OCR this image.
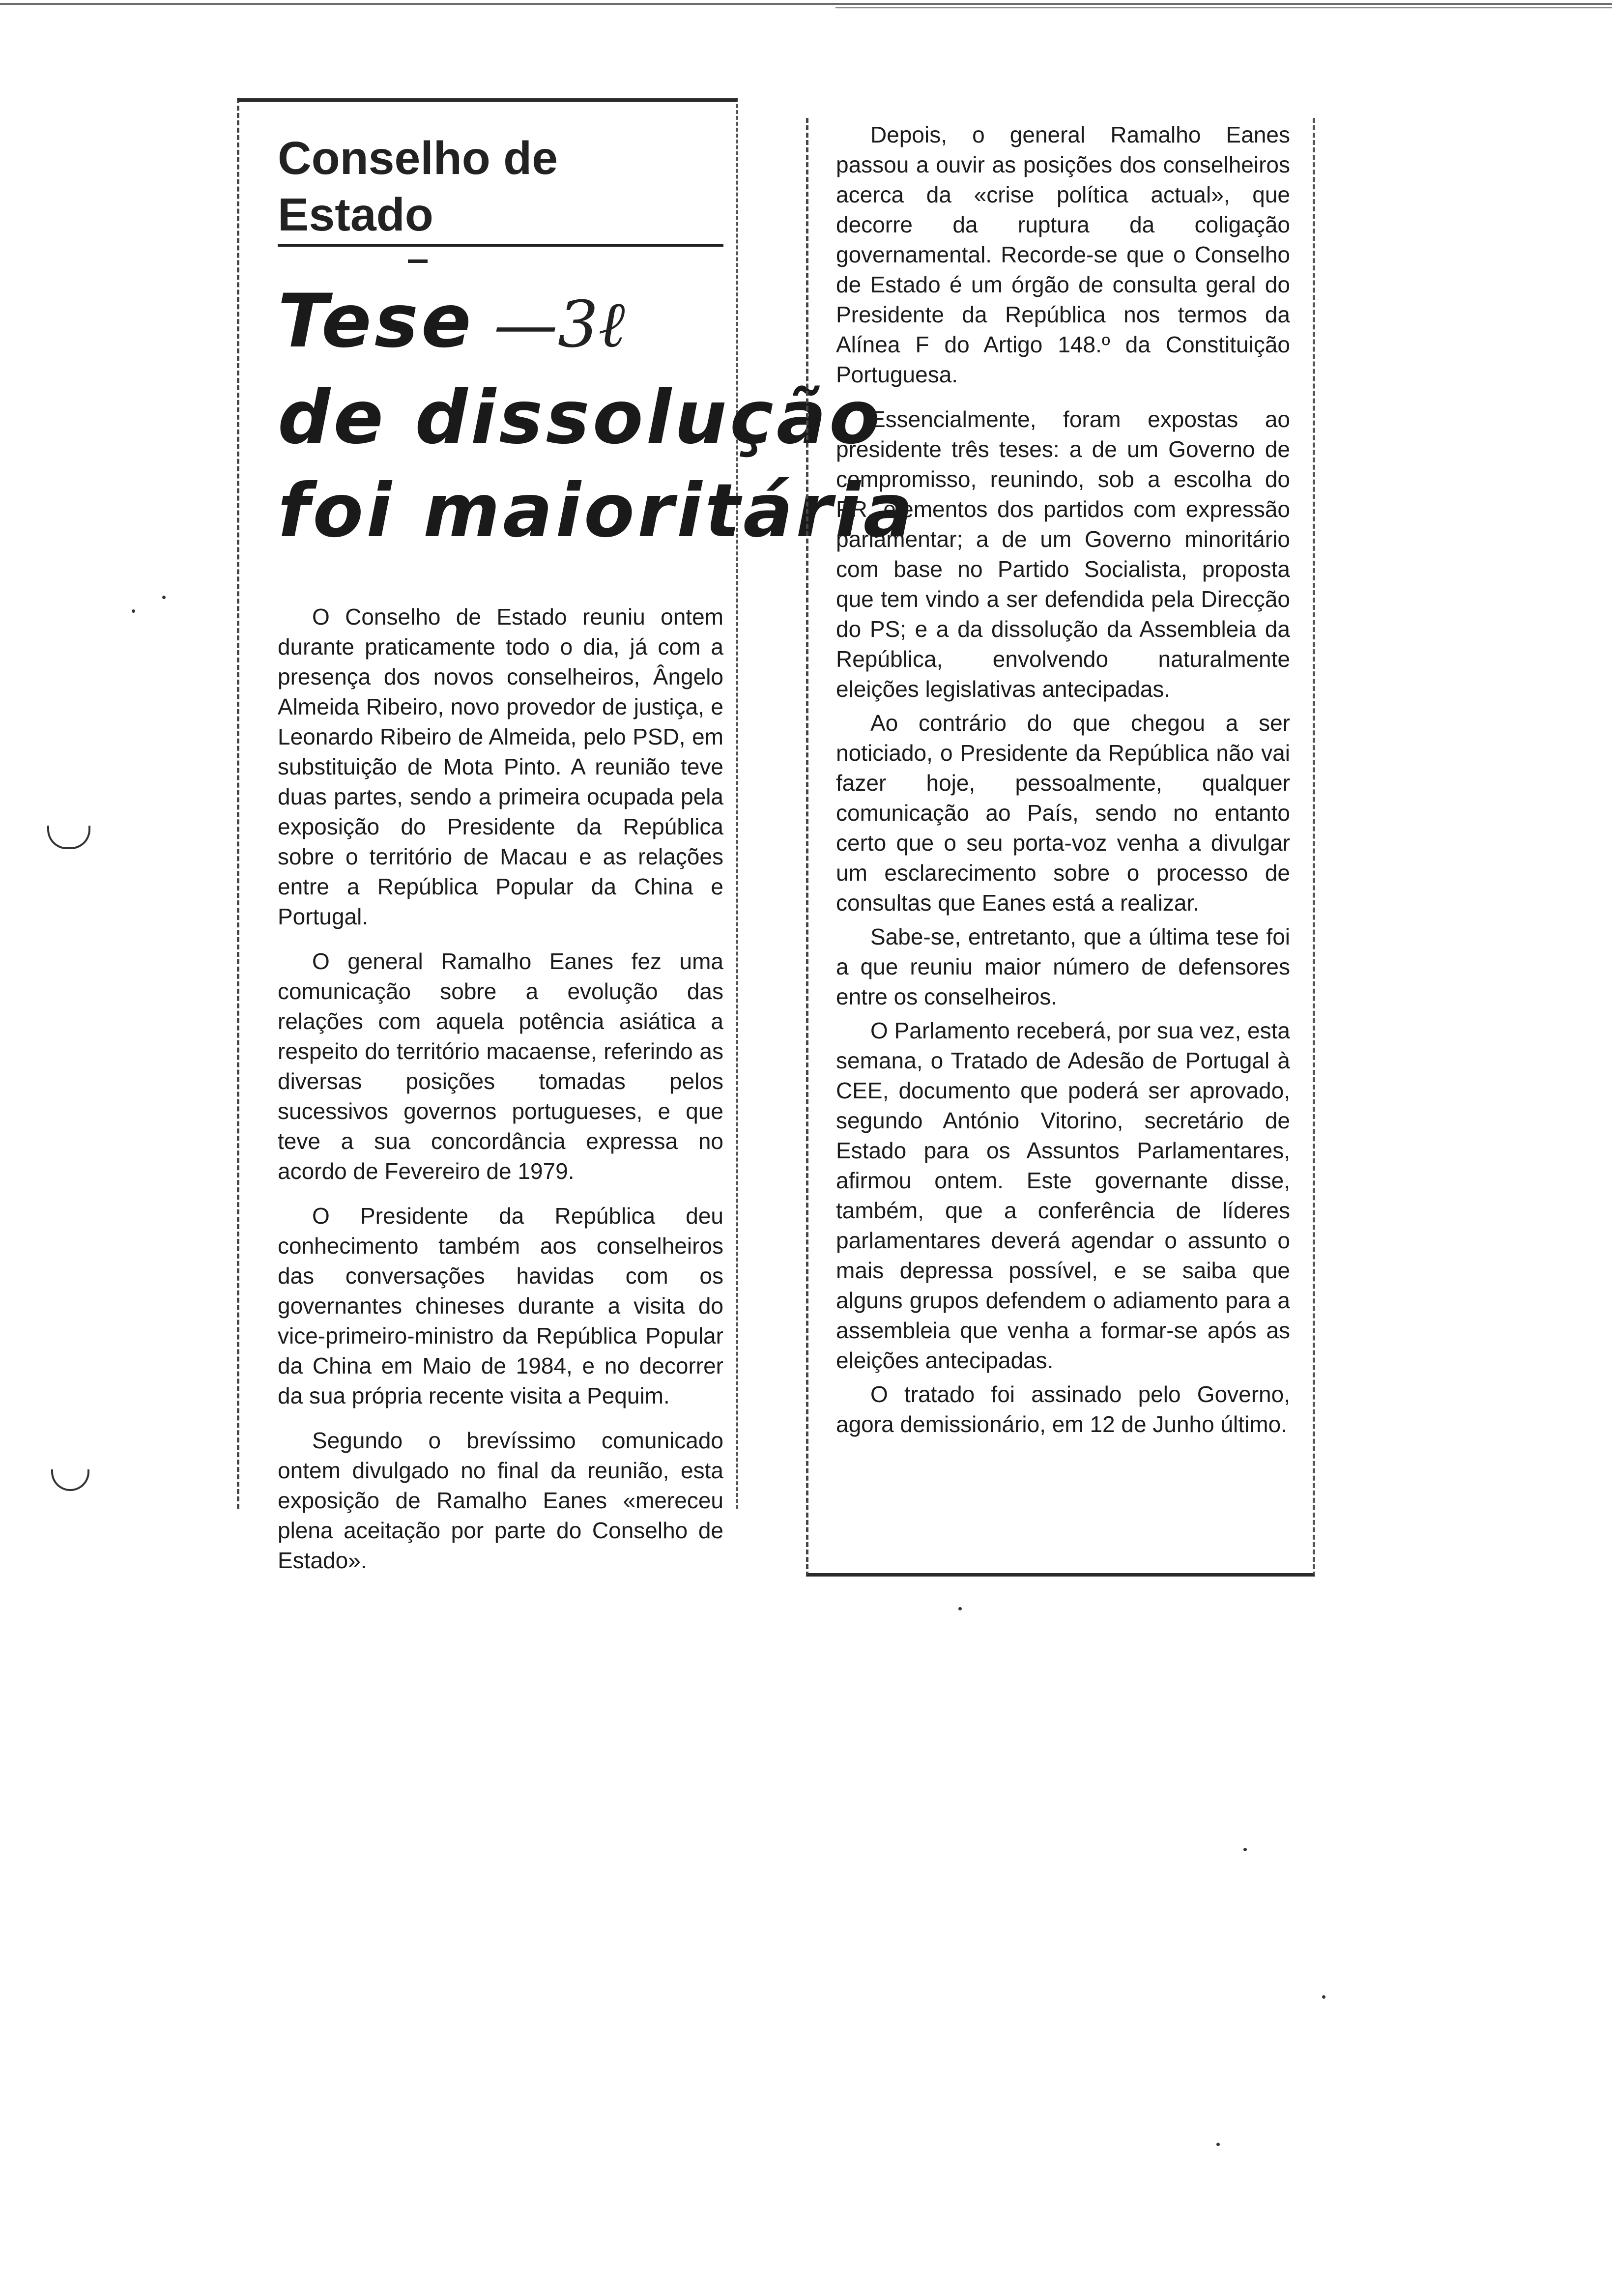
Conselho de Estado
Tese —3ℓ
de dissolução
foi maioritária

O Conselho de Estado reuniu ontem durante praticamente todo o dia, já com a presença dos novos conselheiros, Ângelo Almeida Ribeiro, novo provedor de justiça, e Leonardo Ribeiro de Almeida, pelo PSD, em substituição de Mota Pinto. A reunião teve duas partes, sendo a primeira ocupada pela exposição do Presidente da República sobre o território de Macau e as relações entre a República Popular da China e Portugal.

O general Ramalho Eanes fez uma comunicação sobre a evolução das relações com aquela potência asiática a respeito do território macaense, referindo as diversas posições tomadas pelos sucessivos governos portugueses, e que teve a sua concordância expressa no acordo de Fevereiro de 1979.

O Presidente da República deu conhecimento também aos conselheiros das conversações havidas com os governantes chineses durante a visita do vice-primeiro-ministro da República Popular da China em Maio de 1984, e no decorrer da sua própria recente visita a Pequim.

Segundo o brevíssimo comunicado ontem divulgado no final da reunião, esta exposição de Ramalho Eanes «mereceu plena aceitação por parte do Conselho de Estado».

Depois, o general Ramalho Eanes passou a ouvir as posições dos conselheiros acerca da «crise política actual», que decorre da ruptura da coligação governamental. Recorde-se que o Conselho de Estado é um órgão de consulta geral do Presidente da República nos termos da Alínea F do Artigo 148.º da Constituição Portuguesa.

Essencialmente, foram expostas ao presidente três teses: a de um Governo de compromisso, reunindo, sob a escolha do PR, elementos dos partidos com expressão parlamentar; a de um Governo minoritário com base no Partido Socialista, proposta que tem vindo a ser defendida pela Direcção do PS; e a da dissolução da Assembleia da República, envolvendo naturalmente eleições legislativas antecipadas.

Ao contrário do que chegou a ser noticiado, o Presidente da República não vai fazer hoje, pessoalmente, qualquer comunicação ao País, sendo no entanto certo que o seu porta-voz venha a divulgar um esclarecimento sobre o processo de consultas que Eanes está a realizar.

Sabe-se, entretanto, que a última tese foi a que reuniu maior número de defensores entre os conselheiros.

O Parlamento receberá, por sua vez, esta semana, o Tratado de Adesão de Portugal à CEE, documento que poderá ser aprovado, segundo António Vitorino, secretário de Estado para os Assuntos Parlamentares, afirmou ontem. Este governante disse, também, que a conferência de líderes parlamentares deverá agendar o assunto o mais depressa possível, e se saiba que alguns grupos defendem o adiamento para a assembleia que venha a formar-se após as eleições antecipadas.

O tratado foi assinado pelo Governo, agora demissionário, em 12 de Junho último.
